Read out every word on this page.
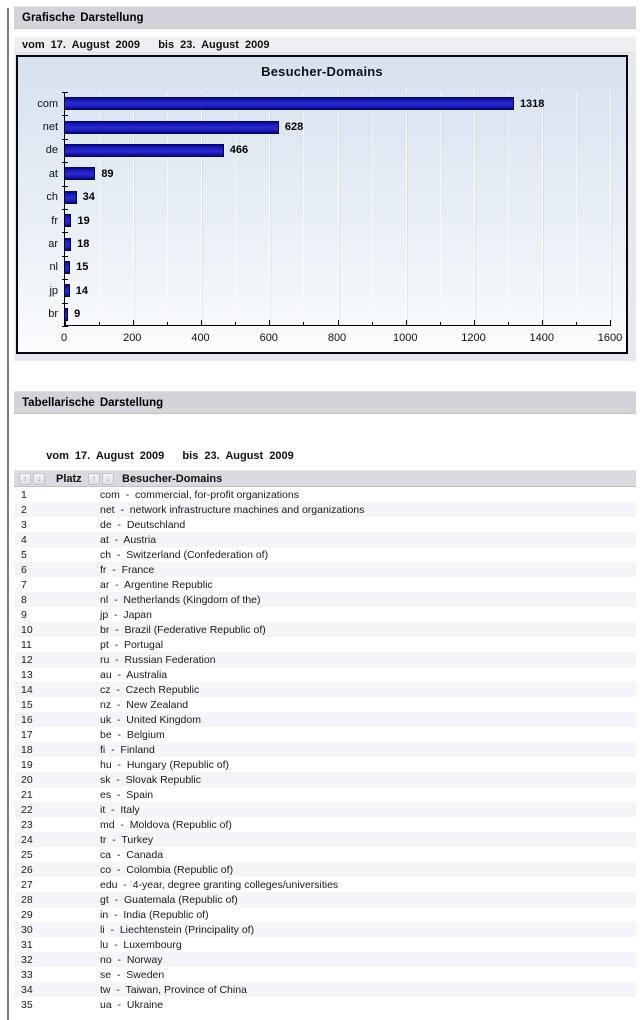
Grafische Darstellung
vom 17. August 2009   bis 23. August 2009
Besucher-Domains
com	1318
net	628
de	466
at	89
ch 34
fr 19
ar 18
nl 15
jp 14
br 9
0	200	400	600	800	1000	1200	1400	1600
Tabellarische Darstellung

vom 17. August 2009   bis 23. August 2009

↑	↓	Platz	↑	↓	Besucher-Domains
1	com  -  commercial, for-profit organizations
2	net  -  network infrastructure machines and organizations
3	de  -  Deutschland
4	at  -  Austria
5	ch  -  Switzerland (Confederation of)
6	fr  -  France
7	ar  -  Argentine Republic
8	nl  -  Netherlands (Kingdom of the)
9	jp  -  Japan
10	br  -  Brazil (Federative Republic of)
11	pt  -  Portugal
12	ru  -  Russian Federation
13	au  -  Australia
14	cz  -  Czech Republic
15	nz  -  New Zealand
16	uk  -  United Kingdom
17	be  -  Belgium
18	fi  -  Finland
19	hu  -  Hungary (Republic of)
20	sk  -  Slovak Republic
21	es  -  Spain
22	it  -  Italy
23	md  -  Moldova (Republic of)
24	tr  -  Turkey
25	ca  -  Canada
26	co  -  Colombia (Republic of)
27	edu  -  4-year, degree granting colleges/universities
28	gt  -  Guatemala (Republic of)
29	in  -  India (Republic of)
30	li  -  Liechtenstein (Principality of)
31	lu  -  Luxembourg
32	no  -  Norway
33	se  -  Sweden
34	tw  -  Taiwan, Province of China
35	ua  -  Ukraine
